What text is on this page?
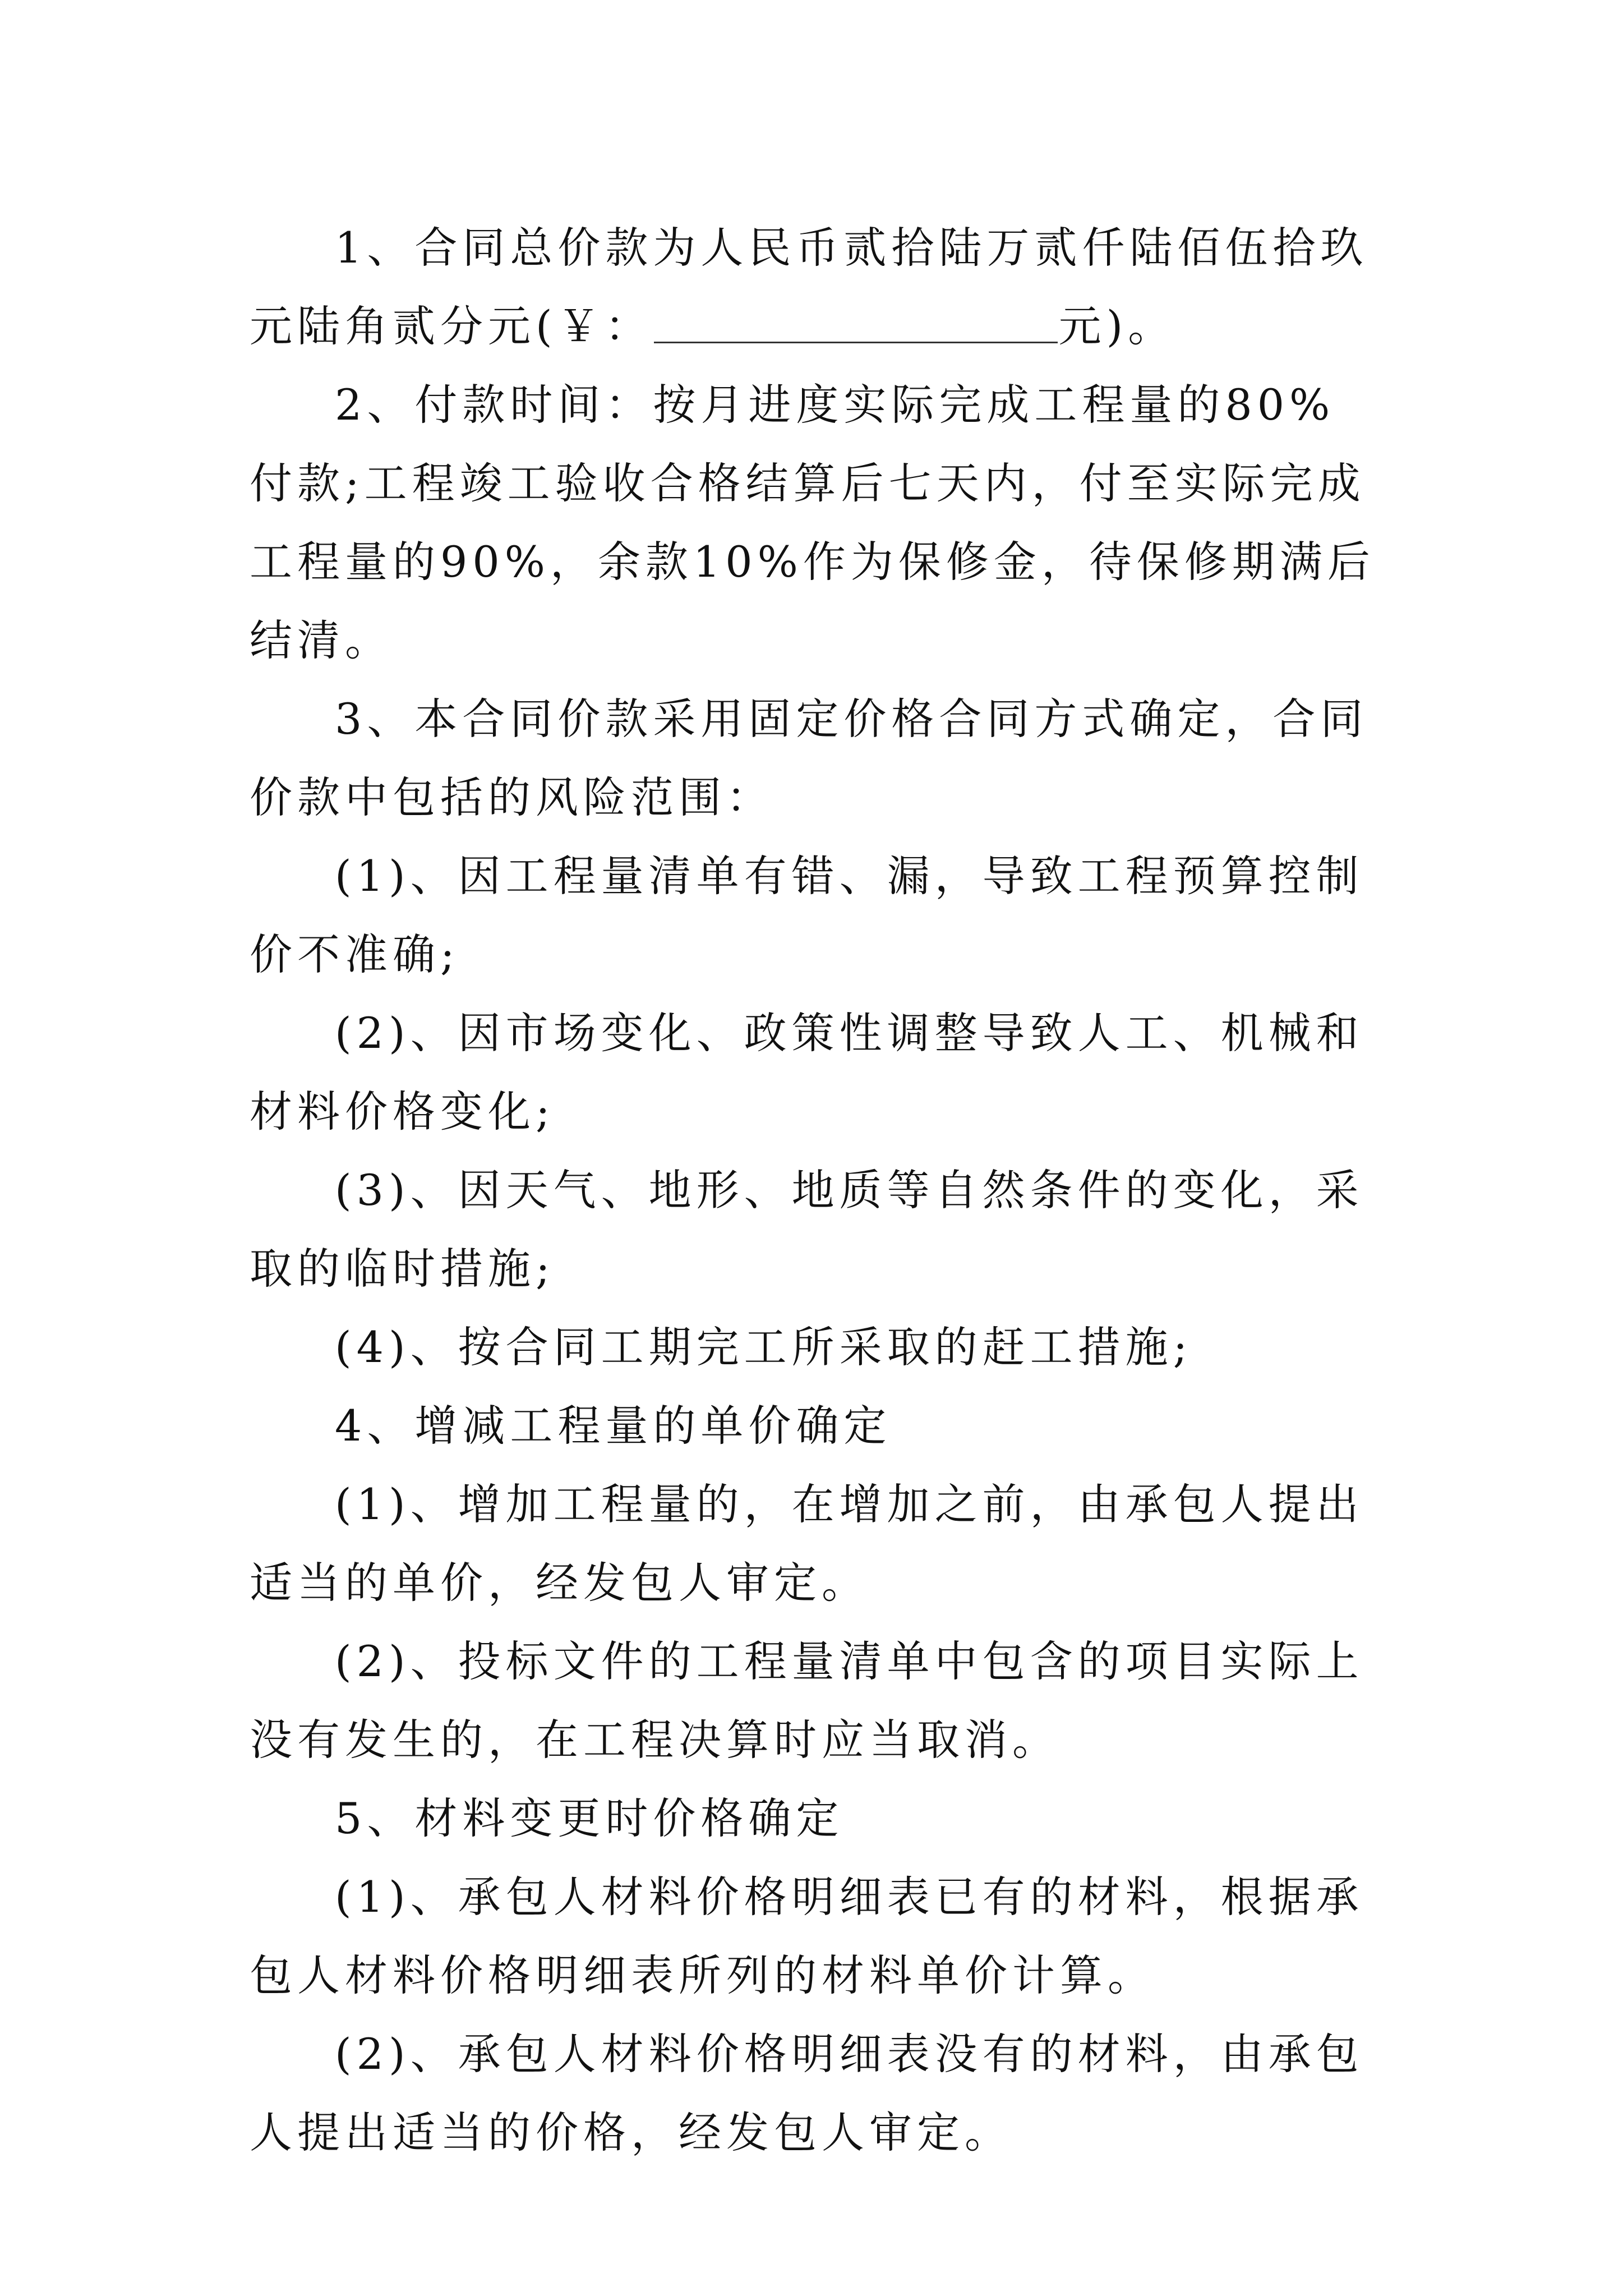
1、合同总价款为人民币贰拾陆万贰仟陆佰伍拾玖元陆角贰分元(￥：	元)。

2、付款时间：按月进度实际完成工程量的80%付款;工程竣工验收合格结算后七天内，付至实际完成工程量的90%，余款10%作为保修金，待保修期满后结清。

3、本合同价款采用固定价格合同方式确定，合同价款中包括的风险范围：

(1)、因工程量清单有错、漏，导致工程预算控制价不准确;

(2)、因市场变化、政策性调整导致人工、机械和材料价格变化;

(3)、因天气、地形、地质等自然条件的变化，采取的临时措施;

(4)、按合同工期完工所采取的赶工措施;

4、增减工程量的单价确定

(1)、增加工程量的，在增加之前，由承包人提出适当的单价，经发包人审定。

(2)、投标文件的工程量清单中包含的项目实际上没有发生的，在工程决算时应当取消。

5、材料变更时价格确定

(1)、承包人材料价格明细表已有的材料，根据承包人材料价格明细表所列的材料单价计算。

(2)、承包人材料价格明细表没有的材料，由承包人提出适当的价格，经发包人审定。
